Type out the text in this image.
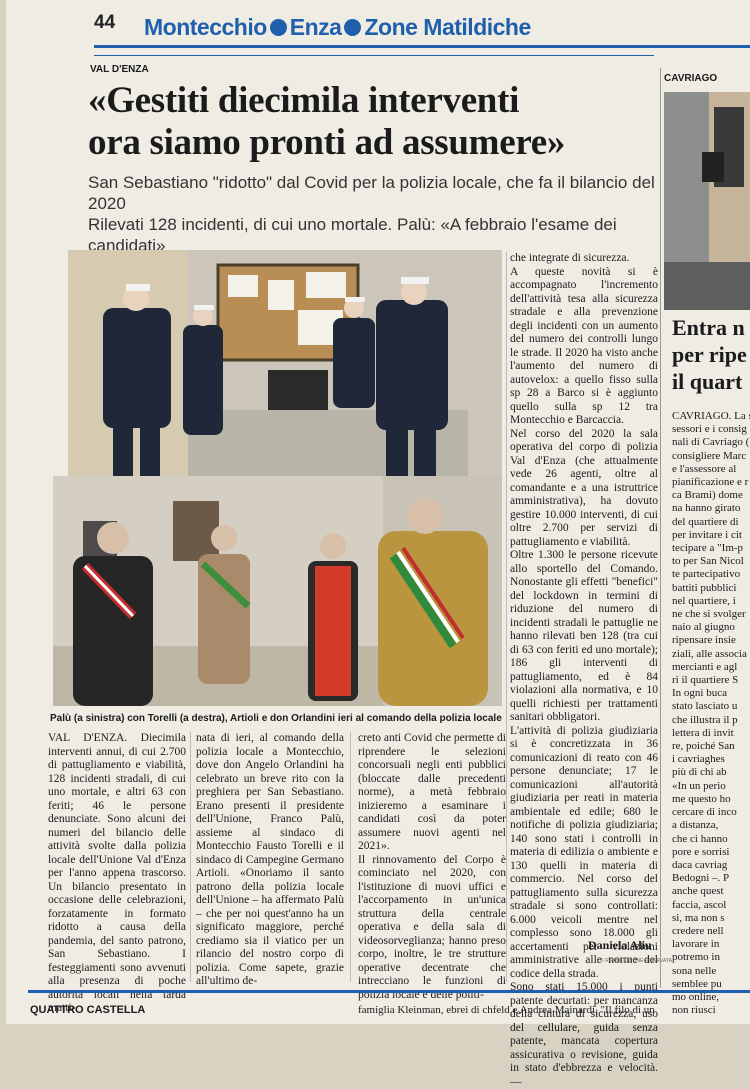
44 Montecchio Enza Zone Matildiche
VAL D'ENZA
«Gestiti diecimila interventi
ora siamo pronti ad assumere»
San Sebastiano "ridotto" dal Covid per la polizia locale, che fa il bilancio del 2020
Rilevati 128 incidenti, di cui uno mortale. Palù: «A febbraio l'esame dei candidati»
Palù (a sinistra) con Torelli (a destra), Artioli e don Orlandini ieri al comando della polizia locale
che integrate di sicurezza.
A queste novità si è accompagnato l'incremento dell'attività tesa alla sicurezza stradale e alla prevenzione degli incidenti con un aumento del numero dei controlli lungo le strade. Il 2020 ha visto anche l'aumento del numero di autovelox: a quello fisso sulla sp 28 a Barco si è aggiunto quello sulla sp 12 tra Montecchio e Barcaccia.
Nel corso del 2020 la sala operativa del corpo di polizia Val d'Enza (che attualmente vede 26 agenti, oltre al comandante e a una istruttrice amministrativa), ha dovuto gestire 10.000 interventi, di cui oltre 2.700 per servizi di pattugliamento e viabilità.
Oltre 1.300 le persone ricevute allo sportello del Comando. Nonostante gli effetti "benefici" del lockdown in termini di riduzione del numero di incidenti stradali le pattuglie ne hanno rilevati ben 128 (tra cui di 63 con feriti ed uno mortale); 186 gli interventi di pattugliamento, ed è 84 violazioni alla normativa, e 10 quelli richiesti per trattamenti sanitari obbligatori.
L'attività di polizia giudiziaria si è concretizzata in 36 comunicazioni di reato con 46 persone denunciate; 17 le comunicazioni all'autorità giudiziaria per reati in materia ambientale ed edile; 680 le notifiche di polizia giudiziaria; 140 sono stati i controlli in materia di edilizia o ambiente e 130 quelli in materia di commercio. Nel corso del pattugliamento sulla sicurezza stradale si sono controllati: 6.000 veicoli mentre nel complesso sono 18.000 gli accertamenti per violazioni amministrative alle norme del codice della strada.
Sono stati 15.000 i punti patente decurtati: per mancanza della cintura di sicurezza, uso del cellulare, guida senza patente, mancata copertura assicurativa o revisione, guida in stato d'ebbrezza e velocità. —
VAL D'ENZA. Diecimila interventi annui, di cui 2.700 di pattugliamento e viabilità, 128 incidenti stradali, di cui uno mortale, e altri 63 con feriti; 46 le persone denunciate. Sono alcuni dei numeri del bilancio delle attività svolte dalla polizia locale dell'Unione Val d'Enza per l'anno appena trascorso. Un bilancio presentato in occasione delle celebrazioni, forzatamente in formato ridotto a causa della pandemia, del santo patrono, San Sebastiano. I festeggiamenti sono avvenuti alla presenza di poche autorità locali nella tarda matti-
nata di ieri, al comando della polizia locale a Montecchio, dove don Angelo Orlandini ha celebrato un breve rito con la preghiera per San Sebastiano. Erano presenti il presidente dell'Unione, Franco Palù, assieme al sindaco di Montecchio Fausto Torelli e il sindaco di Campegine Germano Artioli. «Onoriamo il santo patrono della polizia locale dell'Unione – ha affermato Palù – che per noi quest'anno ha un significato maggiore, perché crediamo sia il viatico per un rilancio del nostro corpo di polizia. Come sapete, grazie all'ultimo de-
creto anti Covid che permette di riprendere le selezioni concorsuali negli enti pubblici (bloccate dalle precedenti norme), a metà febbraio inizieremo a esaminare i candidati così da poter assumere nuovi agenti nel 2021».
Il rinnovamento del Corpo è cominciato nel 2020, con l'istituzione di nuovi uffici e l'accorpamento in un'unica struttura della centrale operativa e della sala di videosorveglianza; hanno preso corpo, inoltre, le tre strutture operative decentrate che intrecciano le funzioni di polizia locale e delle politi-
Daniela Aliu
© RIPRODUZIONE RISERVATA
CAVRIAGO
Entra n
per ripe
il quart
CAVRIAGO. La
sessori e i consig
nali di Cavriago (
consigliere Marc
e l'assessore al
pianificazione e r
ca Brami) dome
na hanno girato
del quartiere di
per invitare i cit
tecipare a "Im-p
to per San Nicol
te partecipativo
battiti pubblici
nel quartiere, i
ne che si svolger
naio al giugno
ripensare insie
ziali, alle associa
mercianti e agl
ri il quartiere S
In ogni buca
stato lasciato u
che illustra il p
lettera di invit
re, poiché San
i cavriaghes
più di chi ab
«In un perio
me questo ho
cercare di inco
a distanza,
che ci hanno
pore e sorrisi
daca cavriag
Bedogni –. P
anche quest
faccia, ascol
si, ma non s
credere nell
lavorare in
potremo in
sona nelle
semblee pu
mo online,
non riusci
QUATTRO CASTELLA	famiglia Kleinman, ebrei di chfeld e Andrea Mainardi, "Il filo di un
